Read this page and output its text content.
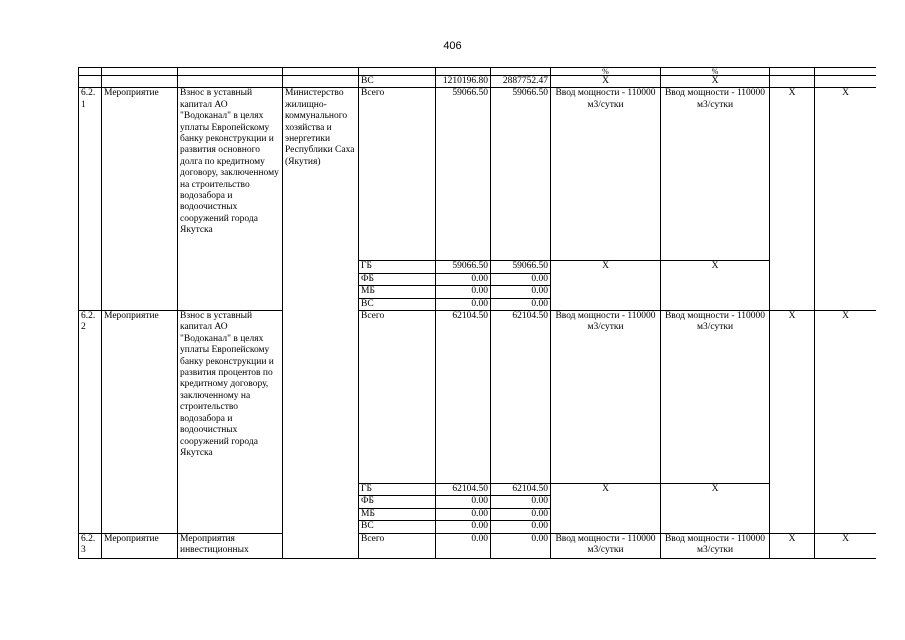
406
							%	%		
				ВС	1210196.80	2887752.47	Х	Х		
6.2.1	Мероприятие	Взнос в уставный капитал АО "Водоканал" в целях уплаты Европейскому банку реконструкции и развития основного долга по кредитному договору, заключенному на строительство водозабора и водоочистных сооружений города Якутска	Министерство жилищно-коммунального хозяйства и энергетики Республики Саха (Якутия)	Всего	59066.50	59066.50	Ввод мощности - 110000 м3/сутки	Ввод мощности - 110000 м3/сутки	Х	Х
				ГБ	59066.50	59066.50	Х	Х		
				ФБ	0.00	0.00				
				МБ	0.00	0.00				
				ВС	0.00	0.00				
6.2.2	Мероприятие	Взнос в уставный капитал АО "Водоканал" в целях уплаты Европейскому банку реконструкции и развития процентов по кредитному договору, заключенному на строительство водозабора и водоочистных сооружений города Якутска		Всего	62104.50	62104.50	Ввод мощности - 110000 м3/сутки	Ввод мощности - 110000 м3/сутки	Х	Х
				ГБ	62104.50	62104.50	Х	Х		
				ФБ	0.00	0.00				
				МБ	0.00	0.00				
				ВС	0.00	0.00				
6.2.3	Мероприятие	Мероприятия инвестиционных		Всего	0.00	0.00	Ввод мощности - 110000 м3/сутки	Ввод мощности - 110000 м3/сутки	Х	Х
